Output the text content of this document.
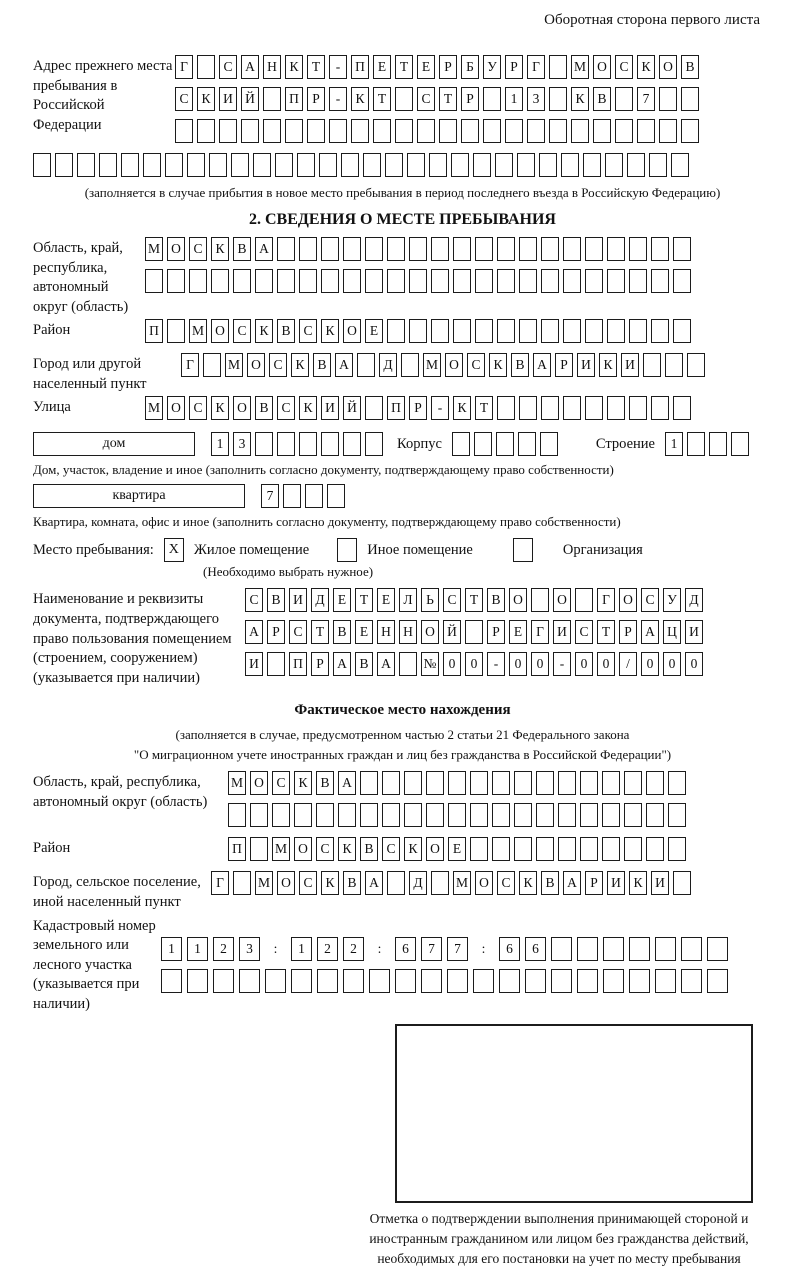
Оборотная сторона первого листа
Адрес прежнего места пребывания в Российской Федерации
Г	С А Н К Т - П Е Т Е Р Б У Р Г	М О С К О В
С К И Й	П Р - К Т	С Т Р	1 3	К В	7
(заполняется в случае прибытия в новое место пребывания в период последнего въезда в Российскую Федерацию)
2. СВЕДЕНИЯ О МЕСТЕ ПРЕБЫВАНИЯ
Область, край, республика, автономный округ (область)
М О С К В А
Район	П М О С К В С К О Е
Город или другой населенный пункт
Г	М О С К В А	Д М О С К В А Р И К И
Улица	М О С К О В С К И Й	П Р - К Т
дом	1 3	Корпус	Строение 1
Дом, участок, владение и иное (заполнить согласно документу, подтверждающему право собственности)
квартира	7
Квартира, комната, офис и иное (заполнить согласно документу, подтверждающему право собственности)
Место пребывания:	X	Жилое помещение	Иное помещение	Организация
(Необходимо выбрать нужное)
Наименование и реквизиты документа, подтверждающего право пользования помещением (строением, сооружением) (указывается при наличии)
С В И Д Е Т Е Л Ь С Т В О	О	Г О С У Д
А Р С Т В Е Н Н О Й	Р Е Г И С Т Р А Ц И
И	П Р А В А № 0 0 - 0 0 - 0 0 / 0 0 0
Фактическое место нахождения
(заполняется в случае, предусмотренном частью 2 статьи 21 Федерального закона
"О миграционном учете иностранных граждан и лиц без гражданства в Российской Федерации")
Область, край, республика, автономный округ (область)
М О С К В А
Район	П М О С К В С К О Е
Город, сельское поселение, иной населенный пункт
Г	М О С К В А	Д М О С К В А Р И К И
Кадастровый номер земельного или лесного участка (указывается при наличии)
1 1 2 3 : 1 2 2 : 6 7 7 : 6 6
Отметка о подтверждении выполнения принимающей стороной и иностранным гражданином или лицом без гражданства действий, необходимых для его постановки на учет по месту пребывания
